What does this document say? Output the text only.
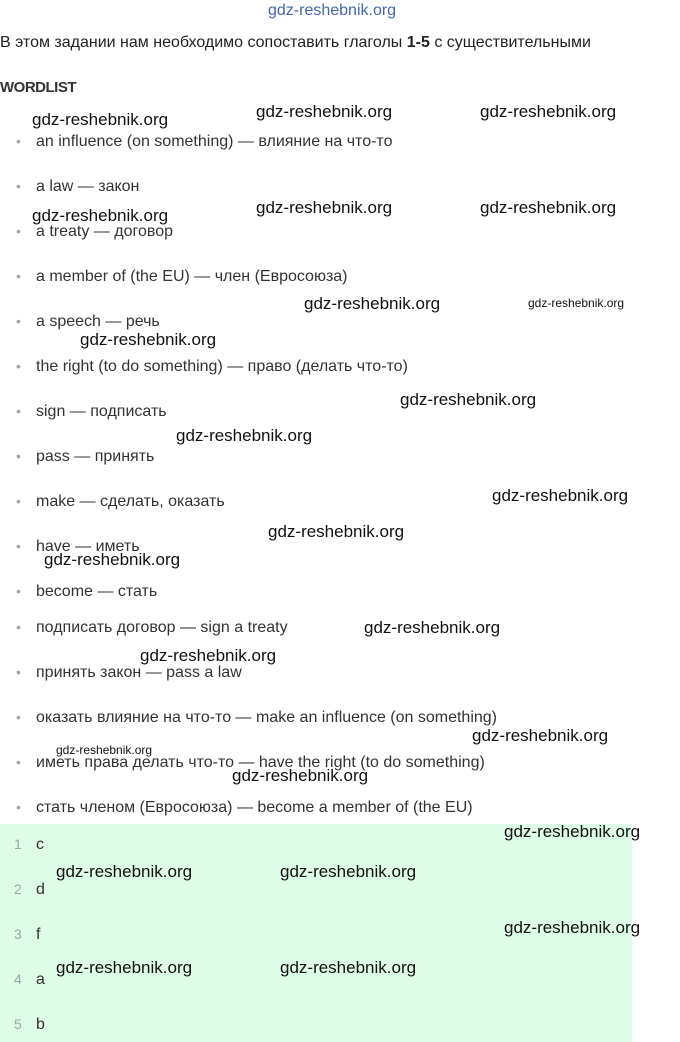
gdz-reshebnik.org
В этом задании нам необходимо сопоставить глаголы 1-5 с существительными
WORDLIST
• an influence (on something) — влияние на что-то
• a law — закон
• a treaty — договор
• a member of (the EU) — член (Евросоюза)
• a speech — речь
• the right (to do something) — право (делать что-то)
• sign — подписать
• pass — принять
• make — сделать, оказать
• have — иметь
• become — стать
• подписать договор — sign a treaty
• принять закон — pass a law
• оказать влияние на что-то — make an influence (on something)
• иметь права делать что-то — have the right (to do something)
• стать членом (Евросоюза) — become a member of (the EU)
1 c
2 d
3 f
4 a
5 b
gdz-reshebnik.org	gdz-reshebnik.org	gdz-reshebnik.org
gdz-reshebnik.org	gdz-reshebnik.org	gdz-reshebnik.org
gdz-reshebnik.org	gdz-reshebnik.org
gdz-reshebnik.org
gdz-reshebnik.org
gdz-reshebnik.org
gdz-reshebnik.org
gdz-reshebnik.org
gdz-reshebnik.org
gdz-reshebnik.org
gdz-reshebnik.org
gdz-reshebnik.org
gdz-reshebnik.org
gdz-reshebnik.org
gdz-reshebnik.org
gdz-reshebnik.org	gdz-reshebnik.org
gdz-reshebnik.org
gdz-reshebnik.org	gdz-reshebnik.org
